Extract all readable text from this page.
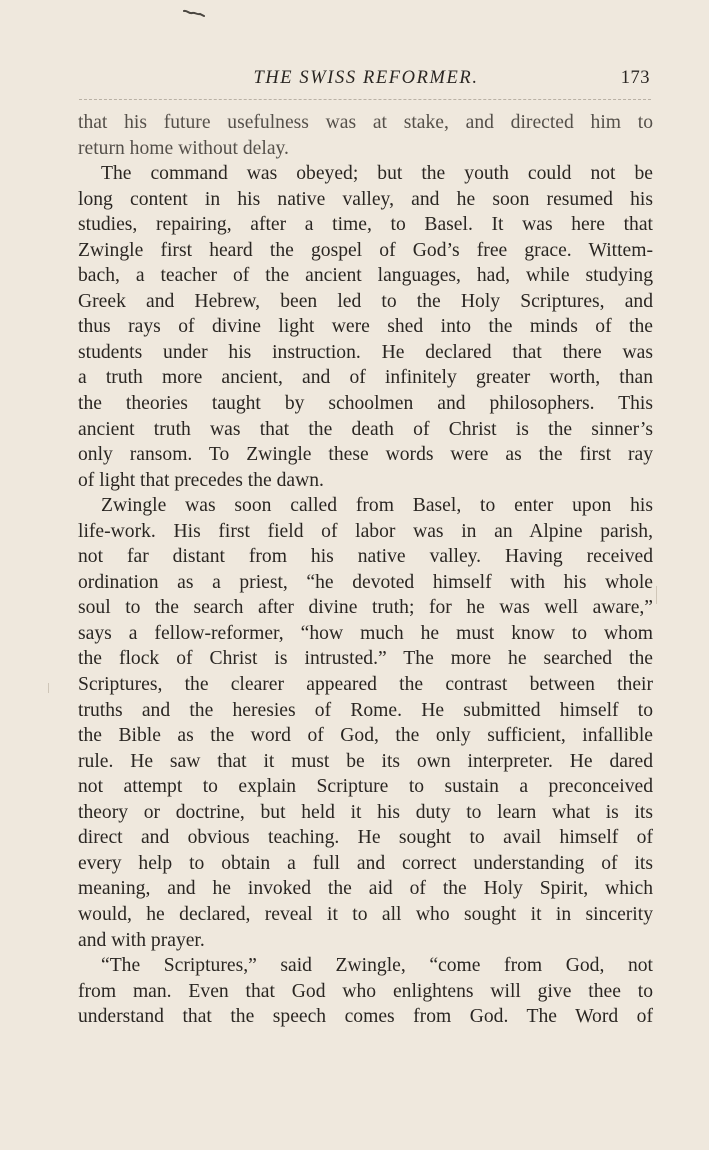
THE SWISS REFORMER.	173
that his future usefulness was at stake, and directed him to
return home without delay.
The command was obeyed; but the youth could not be
long content in his native valley, and he soon resumed his
studies, repairing, after a time, to Basel. It was here that
Zwingle first heard the gospel of God’s free grace. Wittem-
bach, a teacher of the ancient languages, had, while studying
Greek and Hebrew, been led to the Holy Scriptures, and
thus rays of divine light were shed into the minds of the
students under his instruction. He declared that there was
a truth more ancient, and of infinitely greater worth, than
the theories taught by schoolmen and philosophers. This
ancient truth was that the death of Christ is the sinner’s
only ransom. To Zwingle these words were as the first ray
of light that precedes the dawn.
Zwingle was soon called from Basel, to enter upon his
life-work. His first field of labor was in an Alpine parish,
not far distant from his native valley. Having received
ordination as a priest, “he devoted himself with his whole
soul to the search after divine truth; for he was well aware,”
says a fellow-reformer, “how much he must know to whom
the flock of Christ is intrusted.” The more he searched the
Scriptures, the clearer appeared the contrast between their
truths and the heresies of Rome. He submitted himself to
the Bible as the word of God, the only sufficient, infallible
rule. He saw that it must be its own interpreter. He dared
not attempt to explain Scripture to sustain a preconceived
theory or doctrine, but held it his duty to learn what is its
direct and obvious teaching. He sought to avail himself of
every help to obtain a full and correct understanding of its
meaning, and he invoked the aid of the Holy Spirit, which
would, he declared, reveal it to all who sought it in sincerity
and with prayer.
“The Scriptures,” said Zwingle, “come from God, not
from man. Even that God who enlightens will give thee to
understand that the speech comes from God. The Word of
